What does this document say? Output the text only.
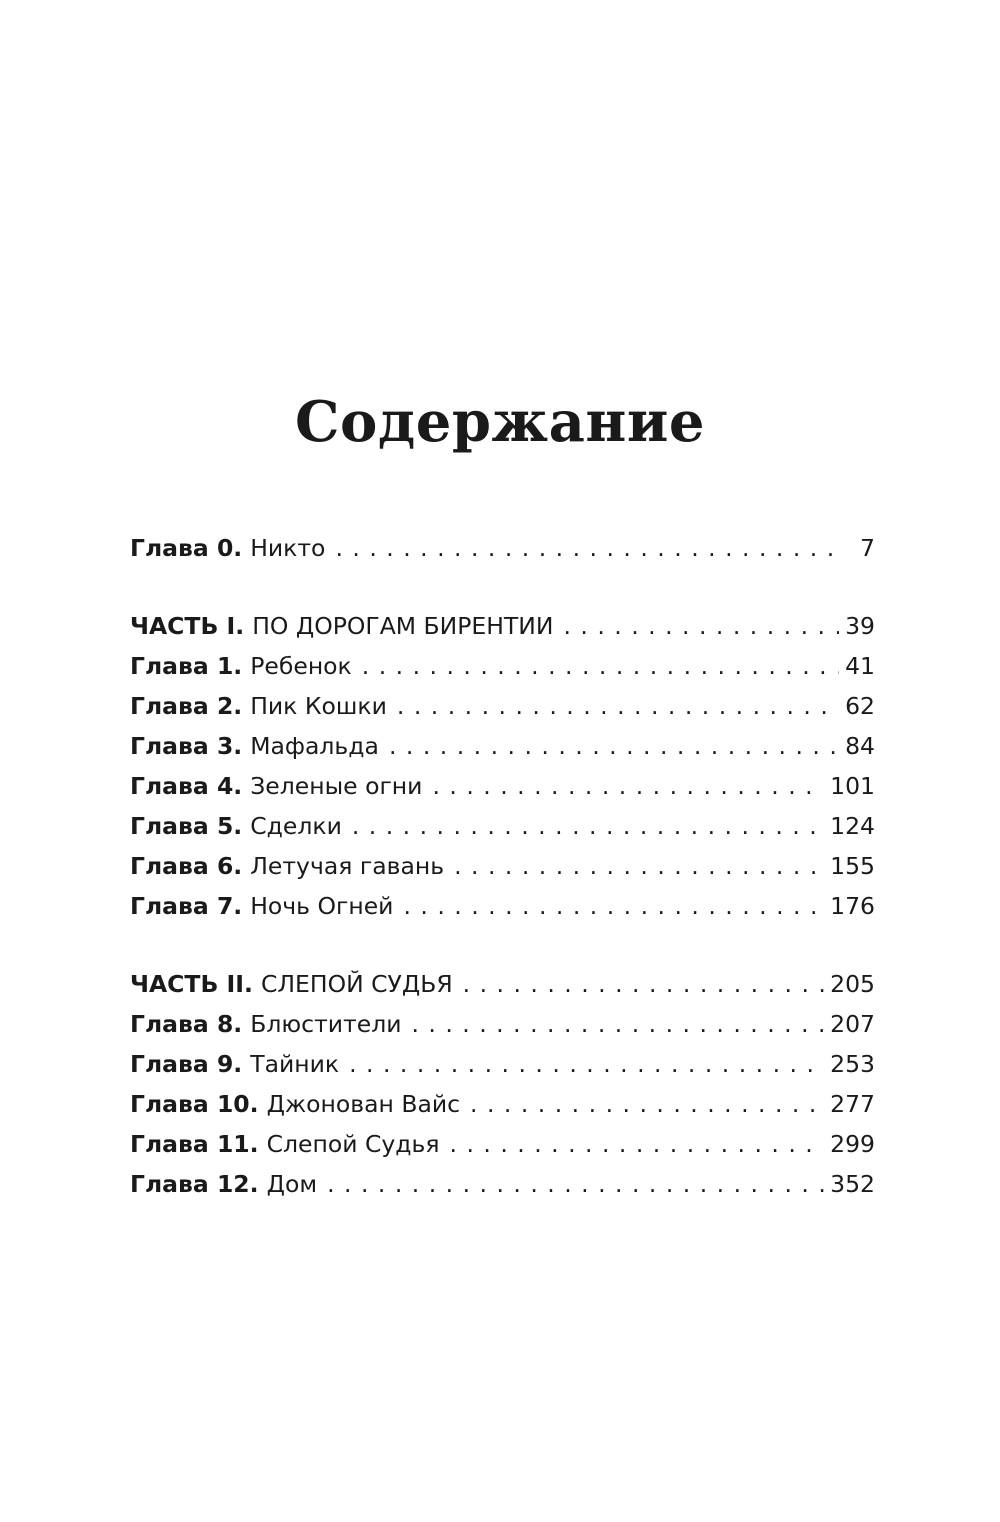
Содержание
Глава 0. Никто . . .	7
ЧАСТЬ I. ПО ДОРОГАМ БИРЕНТИИ . . .	39
Глава 1. Ребенок . . .	41
Глава 2. Пик Кошки . . .	62
Глава 3. Мафальда . . .	84
Глава 4. Зеленые огни . . .	101
Глава 5. Сделки . . .	124
Глава 6. Летучая гавань . . .	155
Глава 7. Ночь Огней . . .	176
ЧАСТЬ II. СЛЕПОЙ СУДЬЯ . . .	205
Глава 8. Блюстители . . .	207
Глава 9. Тайник . . .	253
Глава 10. Джонован Вайс . . .	277
Глава 11. Слепой Судья . . .	299
Глава 12. Дом . . .	352
